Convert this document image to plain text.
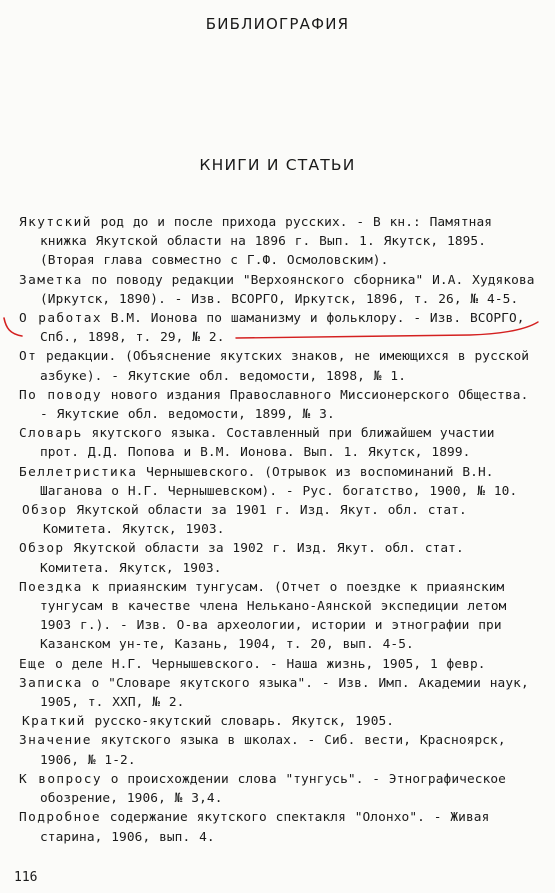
БИБЛИОГРАФИЯ
КНИГИ И СТАТЬИ
Якутский род до и после прихода русских. - В кн.: Памятная книжка Якутской области на 1896 г. Вып. 1. Якутск, 1895. (Вторая глава совместно с Г.Ф. Осмоловским).
Заметка по поводу редакции "Верхоянского сборника" И.А. Худякова (Иркутск, 1890). - Изв. ВСОРГО, Иркутск, 1896, т. 26, № 4-5.
О работах В.М. Ионова по шаманизму и фольклору. - Изв. ВСОРГО, Спб., 1898, т. 29, № 2.
От редакции. (Объяснение якутских знаков, не имеющихся в русской азбуке). - Якутские обл. ведомости, 1898, № 1.
По поводу нового издания Православного Миссионерского Общества. - Якутские обл. ведомости, 1899, № 3.
Словарь якутского языка. Составленный при ближайшем участии прот. Д.Д. Попова и В.М. Ионова. Вып. 1. Якутск, 1899.
Беллетристика Чернышевского. (Отрывок из воспоминаний В.Н. Шаганова о Н.Г. Чернышевском). - Рус. богатство, 1900, № 10.
Обзор Якутской области за 1901 г. Изд. Якут. обл. стат. Комитета. Якутск, 1903.
Обзор Якутской области за 1902 г. Изд. Якут. обл. стат. Комитета. Якутск, 1903.
Поездка к приаянским тунгусам. (Отчет о поездке к приаянским тунгусам в качестве члена Нелькано-Аянской экспедиции летом 1903 г.). - Изв. О-ва археологии, истории и этнографии при Казанском ун-те, Казань, 1904, т. 20, вып. 4-5.
Еще о деле Н.Г. Чернышевского. - Наша жизнь, 1905, 1 февр.
Записка о "Словаре якутского языка". - Изв. Имп. Академии наук, 1905, т. XXП, № 2.
Краткий русско-якутский словарь. Якутск, 1905.
Значение якутского языка в школах. - Сиб. вести, Красноярск, 1906, № 1-2.
К вопросу о происхождении слова "тунгусь". - Этнографическое обозрение, 1906, № 3,4.
Подробное содержание якутского спектакля "Олонхо". - Живая старина, 1906, вып. 4.
116
